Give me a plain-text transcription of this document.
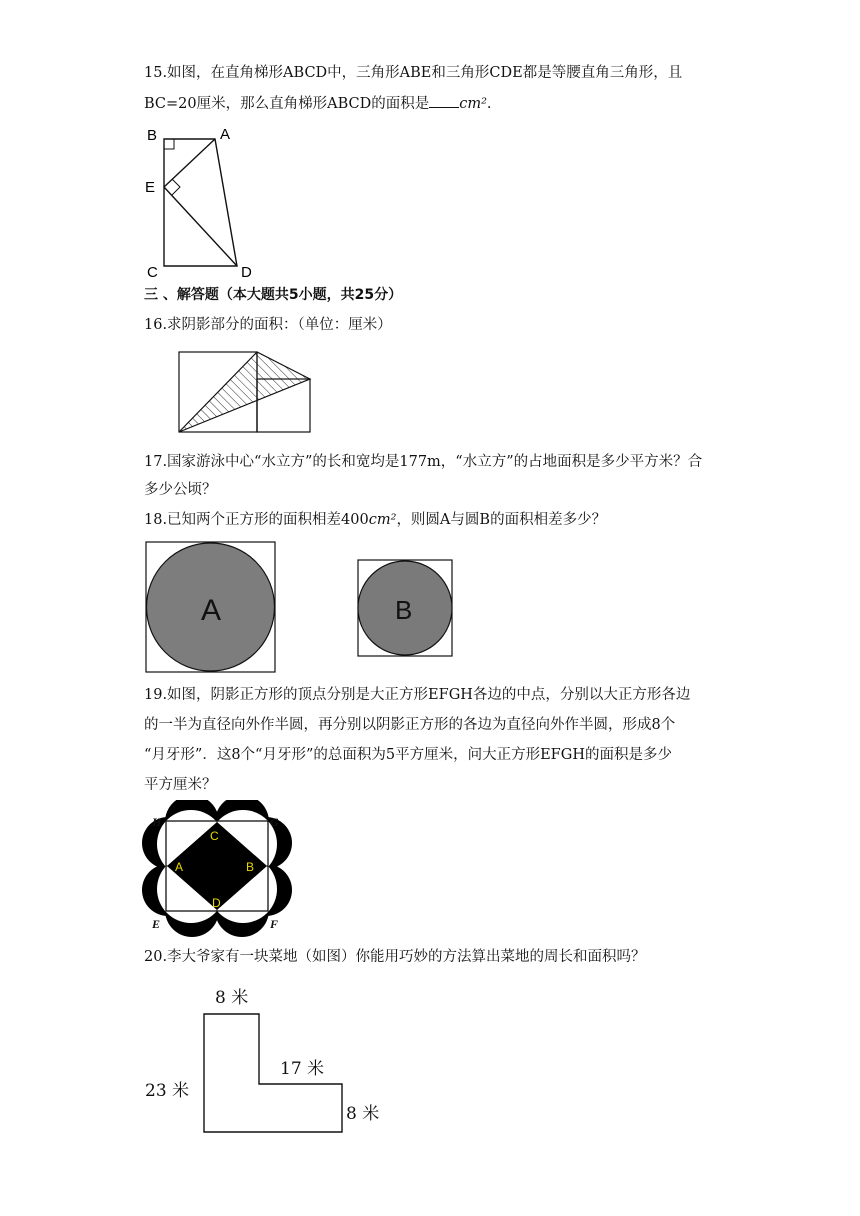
15.如图，在直角梯形ABCD中，三角形ABE和三角形CDE都是等腰直角三角形，且
BC=20厘米，那么直角梯形ABCD的面积是 cm².
B	A
E
C	D
三 、解答题（本大题共5小题，共25分）
16.求阴影部分的面积：（单位：厘米）
17.国家游泳中心“水立方”的长和宽均是177m，“水立方”的占地面积是多少平方米？合
多少公顷？
18.已知两个正方形的面积相差400cm²，则圆A与圆B的面积相差多少？
A	B
19.如图，阴影正方形的顶点分别是大正方形EFGH各边的中点，分别以大正方形各边
的一半为直径向外作半圆，再分别以阴影正方形的各边为直径向外作半圆，形成8个
“月牙形”．这8个“月牙形”的总面积为5平方厘米，问大正方形EFGH的面积是多少
平方厘米？
H	G
E	F
A	B
C
D
20.李大爷家有一块菜地（如图）你能用巧妙的方法算出菜地的周长和面积吗？
8 米
17 米
23 米
8 米
